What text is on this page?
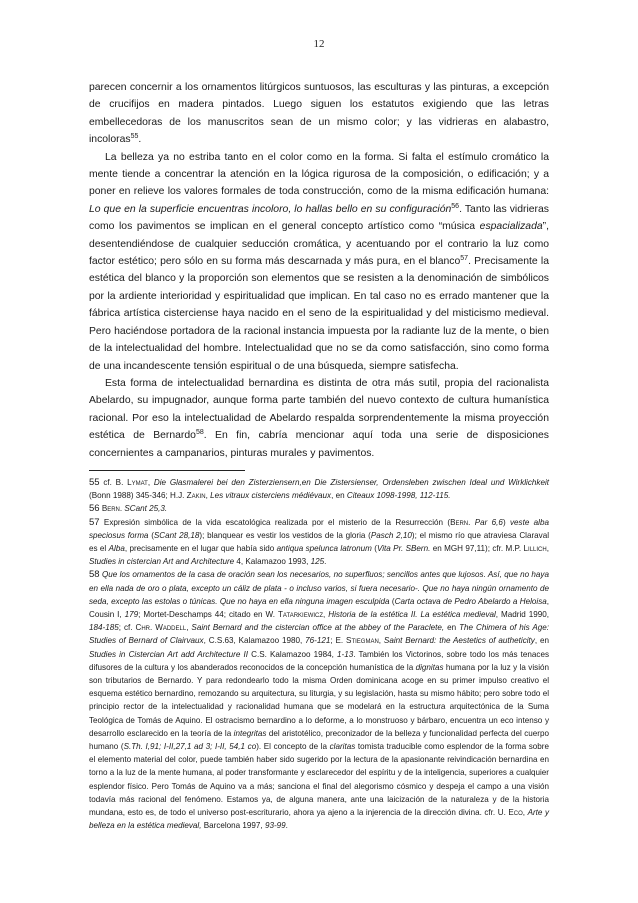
12

parecen concernir a los ornamentos litúrgicos suntuosos, las esculturas y las pinturas, a excepción de crucifijos en madera pintados. Luego siguen los estatutos exigiendo que las letras embellecedoras de los manuscritos sean de un mismo color; y las vidrieras en alabastro, incoloras$^{55}$.

La belleza ya no estriba tanto en el color como en la forma. Si falta el estímulo cromático la mente tiende a concentrar la atención en la lógica rigurosa de la composición, o edificación; y a poner en relieve los valores formales de toda construcción, como de la misma edificación humana: Lo que en la superficie encuentras incoloro, lo hallas bello en su configuración$^{56}$. Tanto las vidrieras como los pavimentos se implican en el general concepto artístico como “música espacializada”, desentendiéndose de cualquier seducción cromática, y acentuando por el contrario la luz como factor estético; pero sólo en su forma más descarnada y más pura, en el blanco$^{57}$. Precisamente la estética del blanco y la proporción son elementos que se resisten a la denominación de simbólicos por la ardiente interioridad y espiritualidad que implican. En tal caso no es errado mantener que la fábrica artística cisterciense haya nacido en el seno de la espiritualidad y del misticismo medieval. Pero haciéndose portadora de la racional instancia impuesta por la radiante luz de la mente, o bien de la intelectualidad del hombre. Intelectualidad que no se da como satisfacción, sino como forma de una incandescente tensión espiritual o de una búsqueda, siempre satisfecha.

Esta forma de intelectualidad bernardina es distinta de otra más sutil, propia del racionalista Abelardo, su impugnador, aunque forma parte también del nuevo contexto de cultura humanística racional. Por eso la intelectualidad de Abelardo respalda sorprendentemente la misma proyección estética de Bernardo$^{58}$. En fin, cabría mencionar aquí toda una serie de disposiciones concernientes a campanarios, pinturas murales y pavimentos.

55 cf. B. Lymat, Die Glasmalerei bei den Zisterziensern,en Die Zistersienser, Ordensleben zwischen Ideal und Wirklichkeit (Bonn 1988) 345-346; H.J. Zakin, Les vitraux cisterciens médiévaux, en Citeaux 1098-1998, 112-115.

56 Bern. SCant 25,3.

57 Expresión simbólica de la vida escatológica realizada por el misterio de la Resurrección (Bern. Par 6,6) veste alba speciosus forma (SCant 28,18); blanquear es vestir los vestidos de la gloria (Pasch 2,10); el mismo río que atraviesa Claraval es el Alba, precisamente en el lugar que había sido antiqua spelunca latronum (Vita Pr. SBern. en MGH 97,11); cfr. M.P. Lillich, Studies in cistercian Art and Architecture 4, Kalamazoo 1993, 125.

58 Que los ornamentos de la casa de oración sean los necesarios, no superfluos; sencillos antes que lujosos. Así, que no haya en ella nada de oro o plata, excepto un cáliz de plata - o incluso varios, si fuera necesario-. Que no haya ningún ornamento de seda, excepto las estolas o túnicas. Que no haya en ella ninguna imagen esculpida (Carta octava de Pedro Abelardo a Heloisa, Cousin I, 179; Mortet-Deschamps 44; citado en W. Tatarkiewicz, Historia de la estética II. La estética medieval, Madrid 1990, 184-185; cf. Chr. Waddell, Saint Bernard and the cistercian office at the abbey of the Paraclete, en The Chimera of his Age: Studies of Bernard of Clairvaux, C.S.63, Kalamazoo 1980, 76-121; E. Stiegman, Saint Bernard: the Aestetics of autheticity, en Studies in Cistercian Art add Architecture II C.S. Kalamazoo 1984, 1-13. También los Victorinos, sobre todo los más tenaces difusores de la cultura y los abanderados reconocidos de la concepción humanística de la dignitas humana por la luz y la visión son tributarios de Bernardo. Y para redondearlo todo la misma Orden dominicana acoge en su primer impulso creativo el esquema estético bernardino, remozando su arquitectura, su liturgia, y su legislación, hasta su mismo hábito; pero sobre todo el principio rector de la intelectualidad y racionalidad humana que se modelará en la estructura arquitectónica de la Suma Teológica de Tomás de Aquino. El ostracismo bernardino a lo deforme, a lo monstruoso y bárbaro, encuentra un eco intenso y desarrollo esclarecido en la teoría de la integritas del aristotélico, preconizador de la belleza y funcionalidad perfecta del cuerpo humano (S.Th. I,91; I-II,27,1 ad 3; I-II, 54,1 co). El concepto de la claritas tomista traducible como esplendor de la forma sobre el elemento material del color, puede también haber sido sugerido por la lectura de la apasionante reivindicación bernardina en torno a la luz de la mente humana, al poder transformante y esclarecedor del espíritu y de la inteligencia, superiores a cualquier esplendor físico. Pero Tomás de Aquino va a más; sanciona el final del alegorismo cósmico y despeja el campo a una visión todavía más racional del fenómeno. Estamos ya, de alguna manera, ante una laicización de la naturaleza y de la historia mundana, esto es, de todo el universo post-escriturario, ahora ya ajeno a la injerencia de la dirección divina. cfr. U. Eco, Arte y belleza en la estética medieval, Barcelona 1997, 93-99.
